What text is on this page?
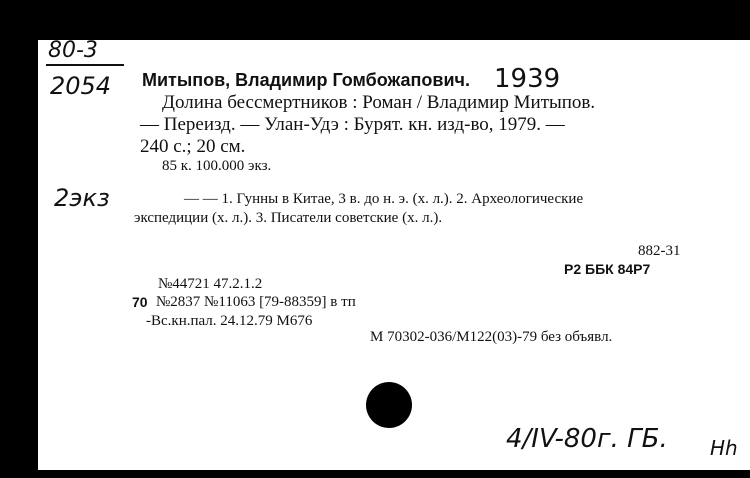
80-3
2054 Митыпов, Владимир Гомбожапович. 1939
Долина бессмертников : Роман / Владимир Митыпов.
— Переизд. — Улан-Удэ : Бурят. кн. изд-во, 1979. —
240 с.; 20 см.
85 к. 100.000 экз.
2экз	— — 1. Гунны в Китае, 3 в. до н. э. (х. л.). 2. Археологические
экспедиции (х. л.). 3. Писатели советские (х. л.).
882-31
Р2 ББК 84Р7
№44721 47.2.1.2
70 №2837 №11063 [79-88359] в тп
-Вс.кн.пал. 24.12.79 М676
М 70302-036/М122(03)-79 без объявл.
4/IV-80г. ГБ. Нh
